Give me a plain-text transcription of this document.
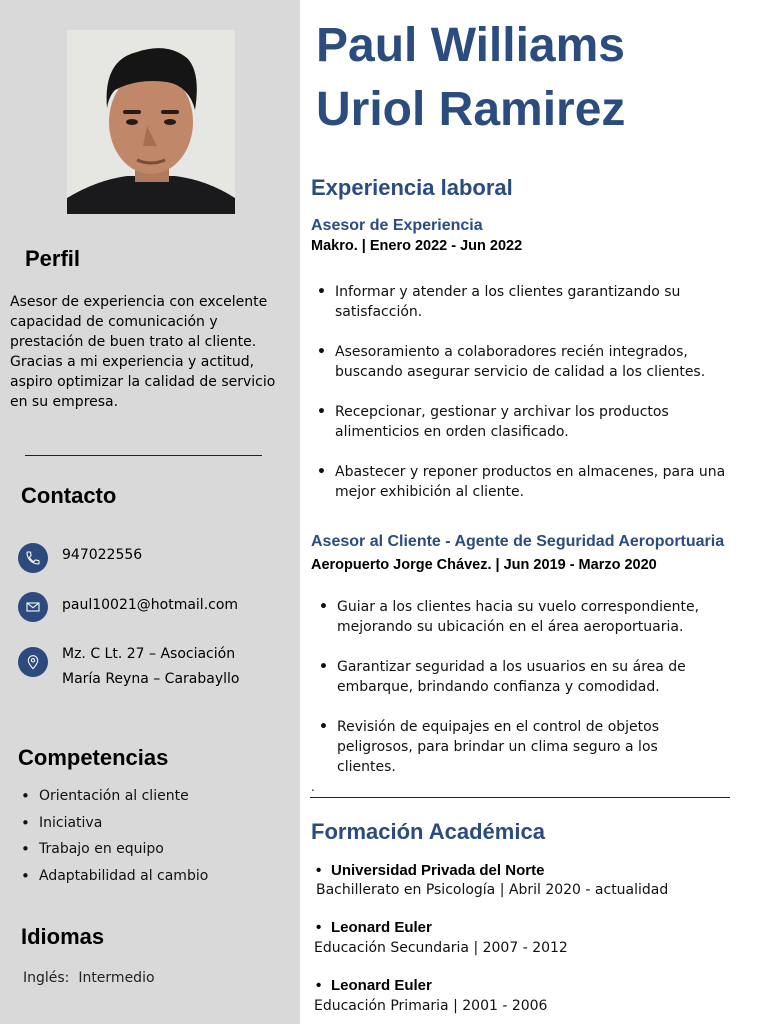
Perfil

Asesor de experiencia con excelente
capacidad de comunicación y
prestación de buen trato al cliente.
Gracias a mi experiencia y actitud,
aspiro optimizar la calidad de servicio
en su empresa.

Contacto
947022556
paul10021@hotmail.com
Mz. C Lt. 27 – Asociación
María Reyna – Carabayllo
Competencias
• Orientación al cliente
• Iniciativa
• Trabajo en equipo
• Adaptabilidad al cambio
Idiomas
Inglés: Intermedio
Paul Williams
Uriol Ramirez
Experiencia laboral
Asesor de Experiencia
Makro. | Enero 2022 - Jun 2022
• Informar y atender a los clientes garantizando su
satisfacción.
• Asesoramiento a colaboradores recién integrados,
buscando asegurar servicio de calidad a los clientes.
• Recepcionar, gestionar y archivar los productos
alimenticios en orden clasificado.
• Abastecer y reponer productos en almacenes, para una
mejor exhibición al cliente.
Asesor al Cliente - Agente de Seguridad Aeroportuaria
Aeropuerto Jorge Chávez. | Jun 2019 - Marzo 2020
• Guiar a los clientes hacia su vuelo correspondiente,
mejorando su ubicación en el área aeroportuaria.
• Garantizar seguridad a los usuarios en su área de
embarque, brindando confianza y comodidad.
• Revisión de equipajes en el control de objetos
peligrosos, para brindar un clima seguro a los
clientes.
.
Formación Académica
• Universidad Privada del Norte
Bachillerato en Psicología | Abril 2020 - actualidad
• Leonard Euler
Educación Secundaria | 2007 - 2012
• Leonard Euler
Educación Primaria | 2001 - 2006
